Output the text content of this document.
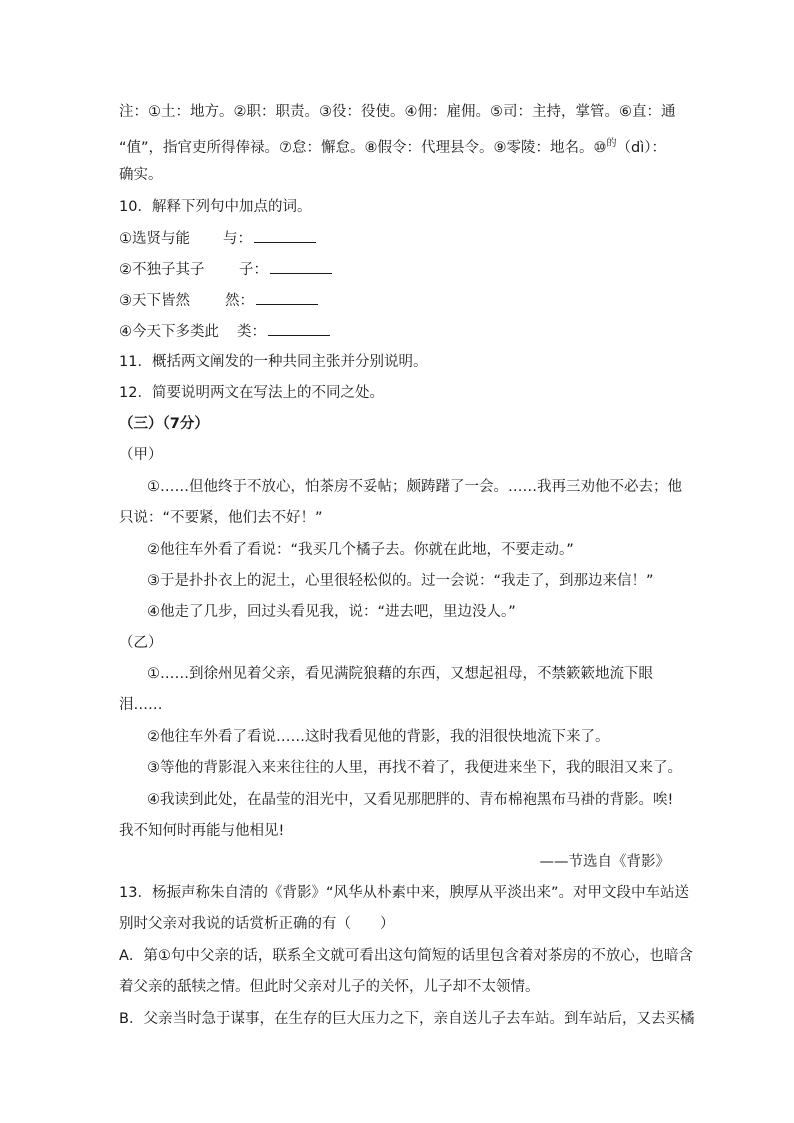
注：①土：地方。②职：职责。③役：役使。④佣：雇佣。⑤司：主持，掌管。⑥直：通
“值”，指官吏所得俸禄。⑦怠：懈怠。⑧假令：代理县令。⑨零陵：地名。⑩$^的$（dì）：
确实。
10．解释下列句中加点的词。
①选贤与能 与：
②不独子其子 子：
③天下皆然 然：
④今天下多类此 类：
11．概括两文阐发的一种共同主张并分别说明。
12．简要说明两文在写法上的不同之处。
（三）（7分）
（甲）
①……但他终于不放心，怕茶房不妥帖；颇踌躇了一会。……我再三劝他不必去；他
只说：“不要紧，他们去不好！”
②他往车外看了看说：“我买几个橘子去。你就在此地，不要走动。”
③于是扑扑衣上的泥土，心里很轻松似的。过一会说：“我走了，到那边来信！”
④他走了几步，回过头看见我，说：“进去吧，里边没人。”
（乙）
①……到徐州见着父亲，看见满院狼藉的东西，又想起祖母，不禁簌簌地流下眼
泪……
②他往车外看了看说……这时我看见他的背影，我的泪很快地流下来了。
③等他的背影混入来来往往的人里，再找不着了，我便进来坐下，我的眼泪又来了。
④我读到此处，在晶莹的泪光中，又看见那肥胖的、青布棉袍黑布马褂的背影。唉!
我不知何时再能与他相见!
——节选自《背影》
13．杨振声称朱自清的《背影》“风华从朴素中来，腴厚从平淡出来”。对甲文段中车站送
别时父亲对我说的话赏析正确的有（　　）
A．第①句中父亲的话，联系全文就可看出这句简短的话里包含着对茶房的不放心，也暗含
着父亲的舐犊之情。但此时父亲对儿子的关怀，儿子却不太领情。
B．父亲当时急于谋事，在生存的巨大压力之下，亲自送儿子去车站。到车站后，又去买橘
